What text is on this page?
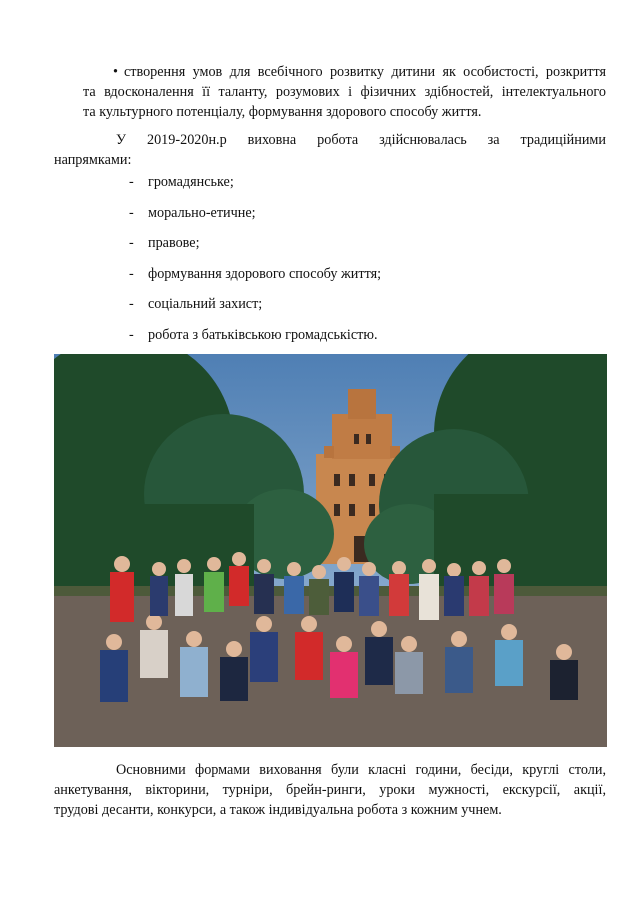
• створення умов для всебічного розвитку дитини як особистості, розкриття
та вдосконалення її таланту, розумових і фізичних здібностей, інтелектуального
та культурного потенціалу, формування здорового способу життя.
У 2019-2020н.р виховна робота здійснювалась за традиційними
напрямками:
- громадянське;
- морально-етичне;
- правове;
- формування здорового способу життя;
- соціальний захист;
- робота з батьківською громадськістю.
Основними формами виховання були класні години, бесіди, круглі столи,
анкетування, вікторини, турніри, брейн-ринги, уроки мужності, екскурсії, акції,
трудові десанти, конкурси, а також індивідуальна робота з кожним учнем.
